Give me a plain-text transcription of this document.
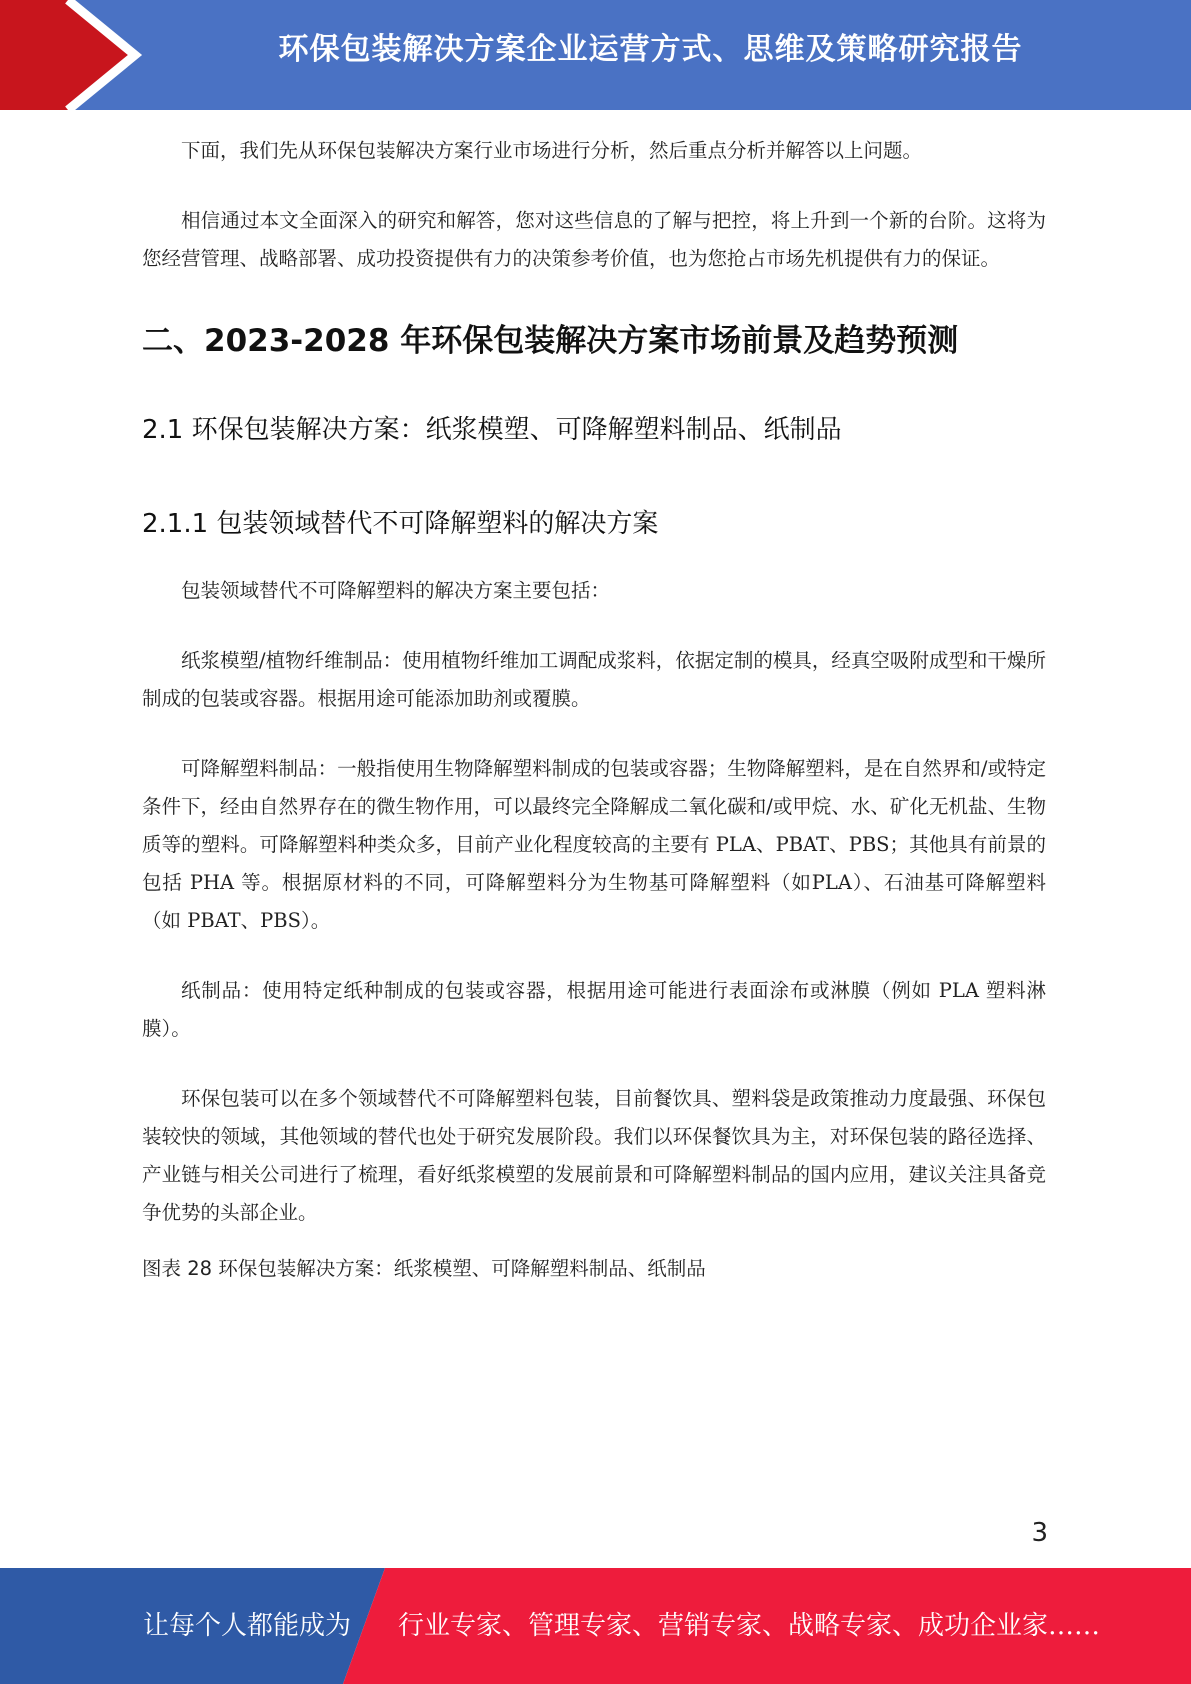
环保包装解决方案企业运营方式、思维及策略研究报告

下面，我们先从环保包装解决方案行业市场进行分析，然后重点分析并解答以上问题。

相信通过本文全面深入的研究和解答，您对这些信息的了解与把控，将上升到一个新的台阶。这将为您经营管理、战略部署、成功投资提供有力的决策参考价值，也为您抢占市场先机提供有力的保证。

二、2023-2028 年环保包装解决方案市场前景及趋势预测
2.1 环保包装解决方案：纸浆模塑、可降解塑料制品、纸制品
2.1.1 包装领域替代不可降解塑料的解决方案

包装领域替代不可降解塑料的解决方案主要包括：

纸浆模塑/植物纤维制品：使用植物纤维加工调配成浆料，依据定制的模具，经真空吸附成型和干燥所制成的包装或容器。根据用途可能添加助剂或覆膜。

可降解塑料制品：一般指使用生物降解塑料制成的包装或容器；生物降解塑料，是在自然界和/或特定条件下，经由自然界存在的微生物作用，可以最终完全降解成二氧化碳和/或甲烷、水、矿化无机盐、生物质等的塑料。可降解塑料种类众多，目前产业化程度较高的主要有 PLA、PBAT、PBS；其他具有前景的包括 PHA 等。根据原材料的不同，可降解塑料分为生物基可降解塑料（如PLA）、石油基可降解塑料（如 PBAT、PBS）。

纸制品：使用特定纸种制成的包装或容器，根据用途可能进行表面涂布或淋膜（例如 PLA 塑料淋膜）。

环保包装可以在多个领域替代不可降解塑料包装，目前餐饮具、塑料袋是政策推动力度最强、环保包装较快的领域，其他领域的替代也处于研究发展阶段。我们以环保餐饮具为主，对环保包装的路径选择、产业链与相关公司进行了梳理，看好纸浆模塑的发展前景和可降解塑料制品的国内应用，建议关注具备竞争优势的头部企业。

图表 28 环保包装解决方案：纸浆模塑、可降解塑料制品、纸制品

3
让每个人都能成为 行业专家、管理专家、营销专家、战略专家、成功企业家……
